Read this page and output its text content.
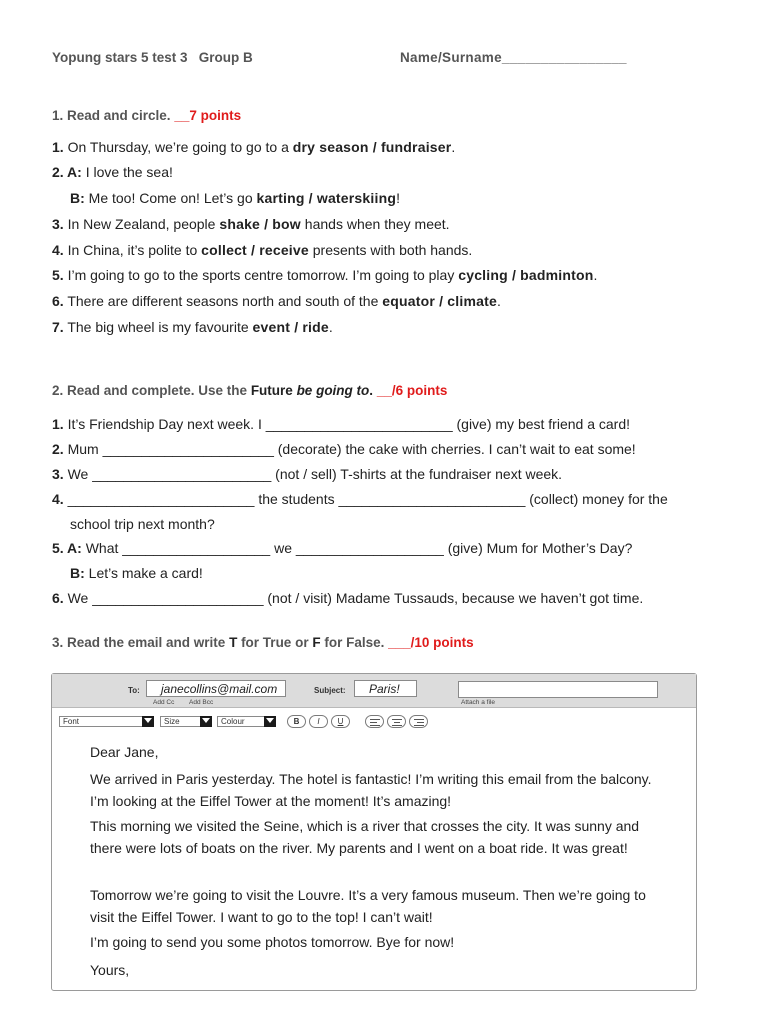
Yopung stars 5 test 3   Group B	Name/Surname________________
1. Read and circle. __7 points
1. On Thursday, we’re going to go to a dry season / fundraiser.
2. A: I love the sea!
B: Me too! Come on! Let’s go karting / waterskiing!
3. In New Zealand, people shake / bow hands when they meet.
4. In China, it’s polite to collect / receive presents with both hands.
5. I’m going to go to the sports centre tomorrow. I’m going to play cycling / badminton.
6. There are different seasons north and south of the equator / climate.
7. The big wheel is my favourite event / ride.
2. Read and complete. Use the Future be going to. __/6 points
1. It’s Friendship Day next week. I ________________________ (give) my best friend a card!
2. Mum ______________________ (decorate) the cake with cherries. I can’t wait to eat some!
3. We _______________________ (not / sell) T-shirts at the fundraiser next week.
4. ________________________ the students ________________________ (collect) money for the
school trip next month?
5. A: What ___________________ we ___________________ (give) Mum for Mother’s Day?
B: Let’s make a card!
6. We ______________________ (not / visit) Madame Tussauds, because we haven’t got time.
3. Read the email and write T for True or F for False. ___/10 points
To:	janecollins@mail.com
Add Cc Add Bcc
Subject:	Paris!
Attach a file
Font	Size	Colour	B	I	U
Dear Jane,
We arrived in Paris yesterday. The hotel is fantastic! I’m writing this email from the balcony. I’m looking at the Eiffel Tower at the moment! It’s amazing!
This morning we visited the Seine, which is a river that crosses the city. It was sunny and there were lots of boats on the river. My parents and I went on a boat ride. It was great!
Tomorrow we’re going to visit the Louvre. It’s a very famous museum. Then we’re going to visit the Eiffel Tower. I want to go to the top! I can’t wait!
I’m going to send you some photos tomorrow. Bye for now!
Yours,
